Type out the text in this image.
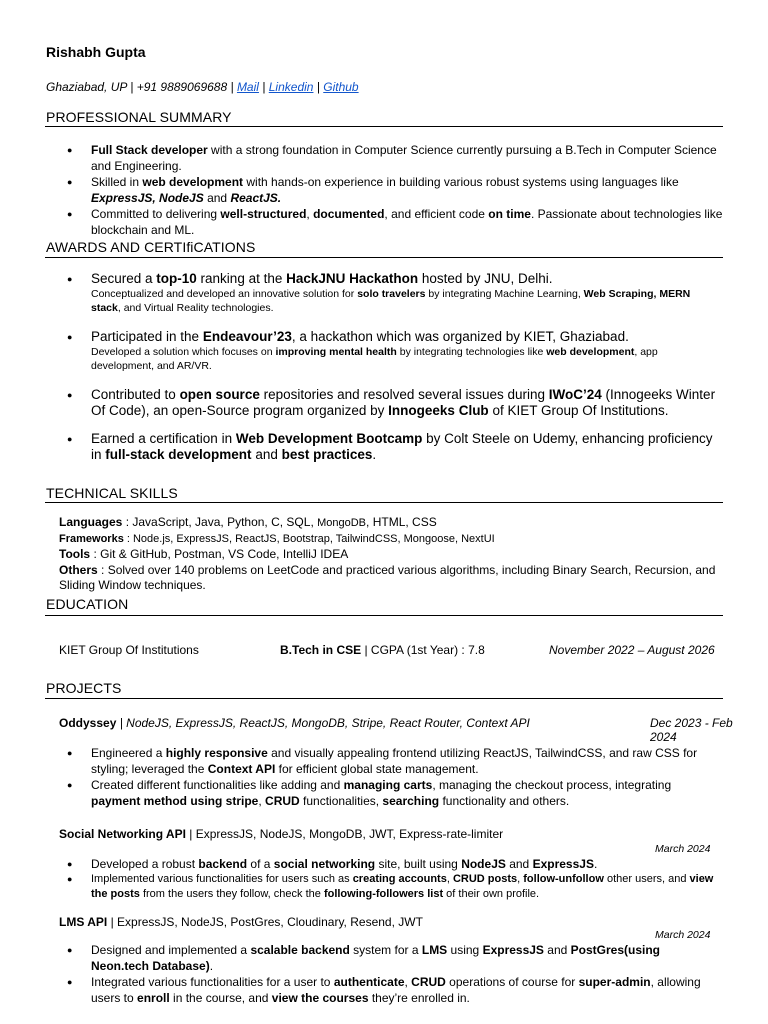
Rishabh Gupta
Ghaziabad, UP | +91 9889069688 | Mail | Linkedin | Github
PROFESSIONAL SUMMARY
● Full Stack developer with a strong foundation in Computer Science currently pursuing a B.Tech in Computer Science and Engineering.
● Skilled in web development with hands-on experience in building various robust systems using languages like ExpressJS, NodeJS and ReactJS.
● Committed to delivering well-structured, documented, and efficient code on time. Passionate about technologies like blockchain and ML.
AWARDS AND CERTIfiCATIONS
● Secured a top-10 ranking at the HackJNU Hackathon hosted by JNU, Delhi.
Conceptualized and developed an innovative solution for solo travelers by integrating Machine Learning, Web Scraping, MERN stack, and Virtual Reality technologies.
● Participated in the Endeavour’23, a hackathon which was organized by KIET, Ghaziabad.
Developed a solution which focuses on improving mental health by integrating technologies like web development, app development, and AR/VR.
● Contributed to open source repositories and resolved several issues during IWoC’24 (Innogeeks Winter Of Code), an open-Source program organized by Innogeeks Club of KIET Group Of Institutions.
● Earned a certification in Web Development Bootcamp by Colt Steele on Udemy, enhancing proficiency in full-stack development and best practices.
TECHNICAL SKILLS
Languages : JavaScript, Java, Python, C, SQL, MongoDB, HTML, CSS
Frameworks : Node.js, ExpressJS, ReactJS, Bootstrap, TailwindCSS, Mongoose, NextUI
Tools : Git & GitHub, Postman, VS Code, IntelliJ IDEA
Others : Solved over 140 problems on LeetCode and practiced various algorithms, including Binary Search, Recursion, and Sliding Window techniques.
EDUCATION
KIET Group Of Institutions	B.Tech in CSE | CGPA (1st Year) : 7.8	November 2022 – August 2026
PROJECTS
Oddyssey | NodeJS, ExpressJS, ReactJS, MongoDB, Stripe, React Router, Context API	Dec 2023 - Feb 2024
● Engineered a highly responsive and visually appealing frontend utilizing ReactJS, TailwindCSS, and raw CSS for styling; leveraged the Context API for efficient global state management.
● Created different functionalities like adding and managing carts, managing the checkout process, integrating payment method using stripe, CRUD functionalities, searching functionality and others.
Social Networking API | ExpressJS, NodeJS, MongoDB, JWT, Express-rate-limiter
March 2024
● Developed a robust backend of a social networking site, built using NodeJS and ExpressJS.
● Implemented various functionalities for users such as creating accounts, CRUD posts, follow-unfollow other users, and view the posts from the users they follow, check the following-followers list of their own profile.
LMS API | ExpressJS, NodeJS, PostGres, Cloudinary, Resend, JWT
March 2024
● Designed and implemented a scalable backend system for a LMS using ExpressJS and PostGres(using Neon.tech Database).
● Integrated various functionalities for a user to authenticate, CRUD operations of course for super-admin, allowing users to enroll in the course, and view the courses they’re enrolled in.
